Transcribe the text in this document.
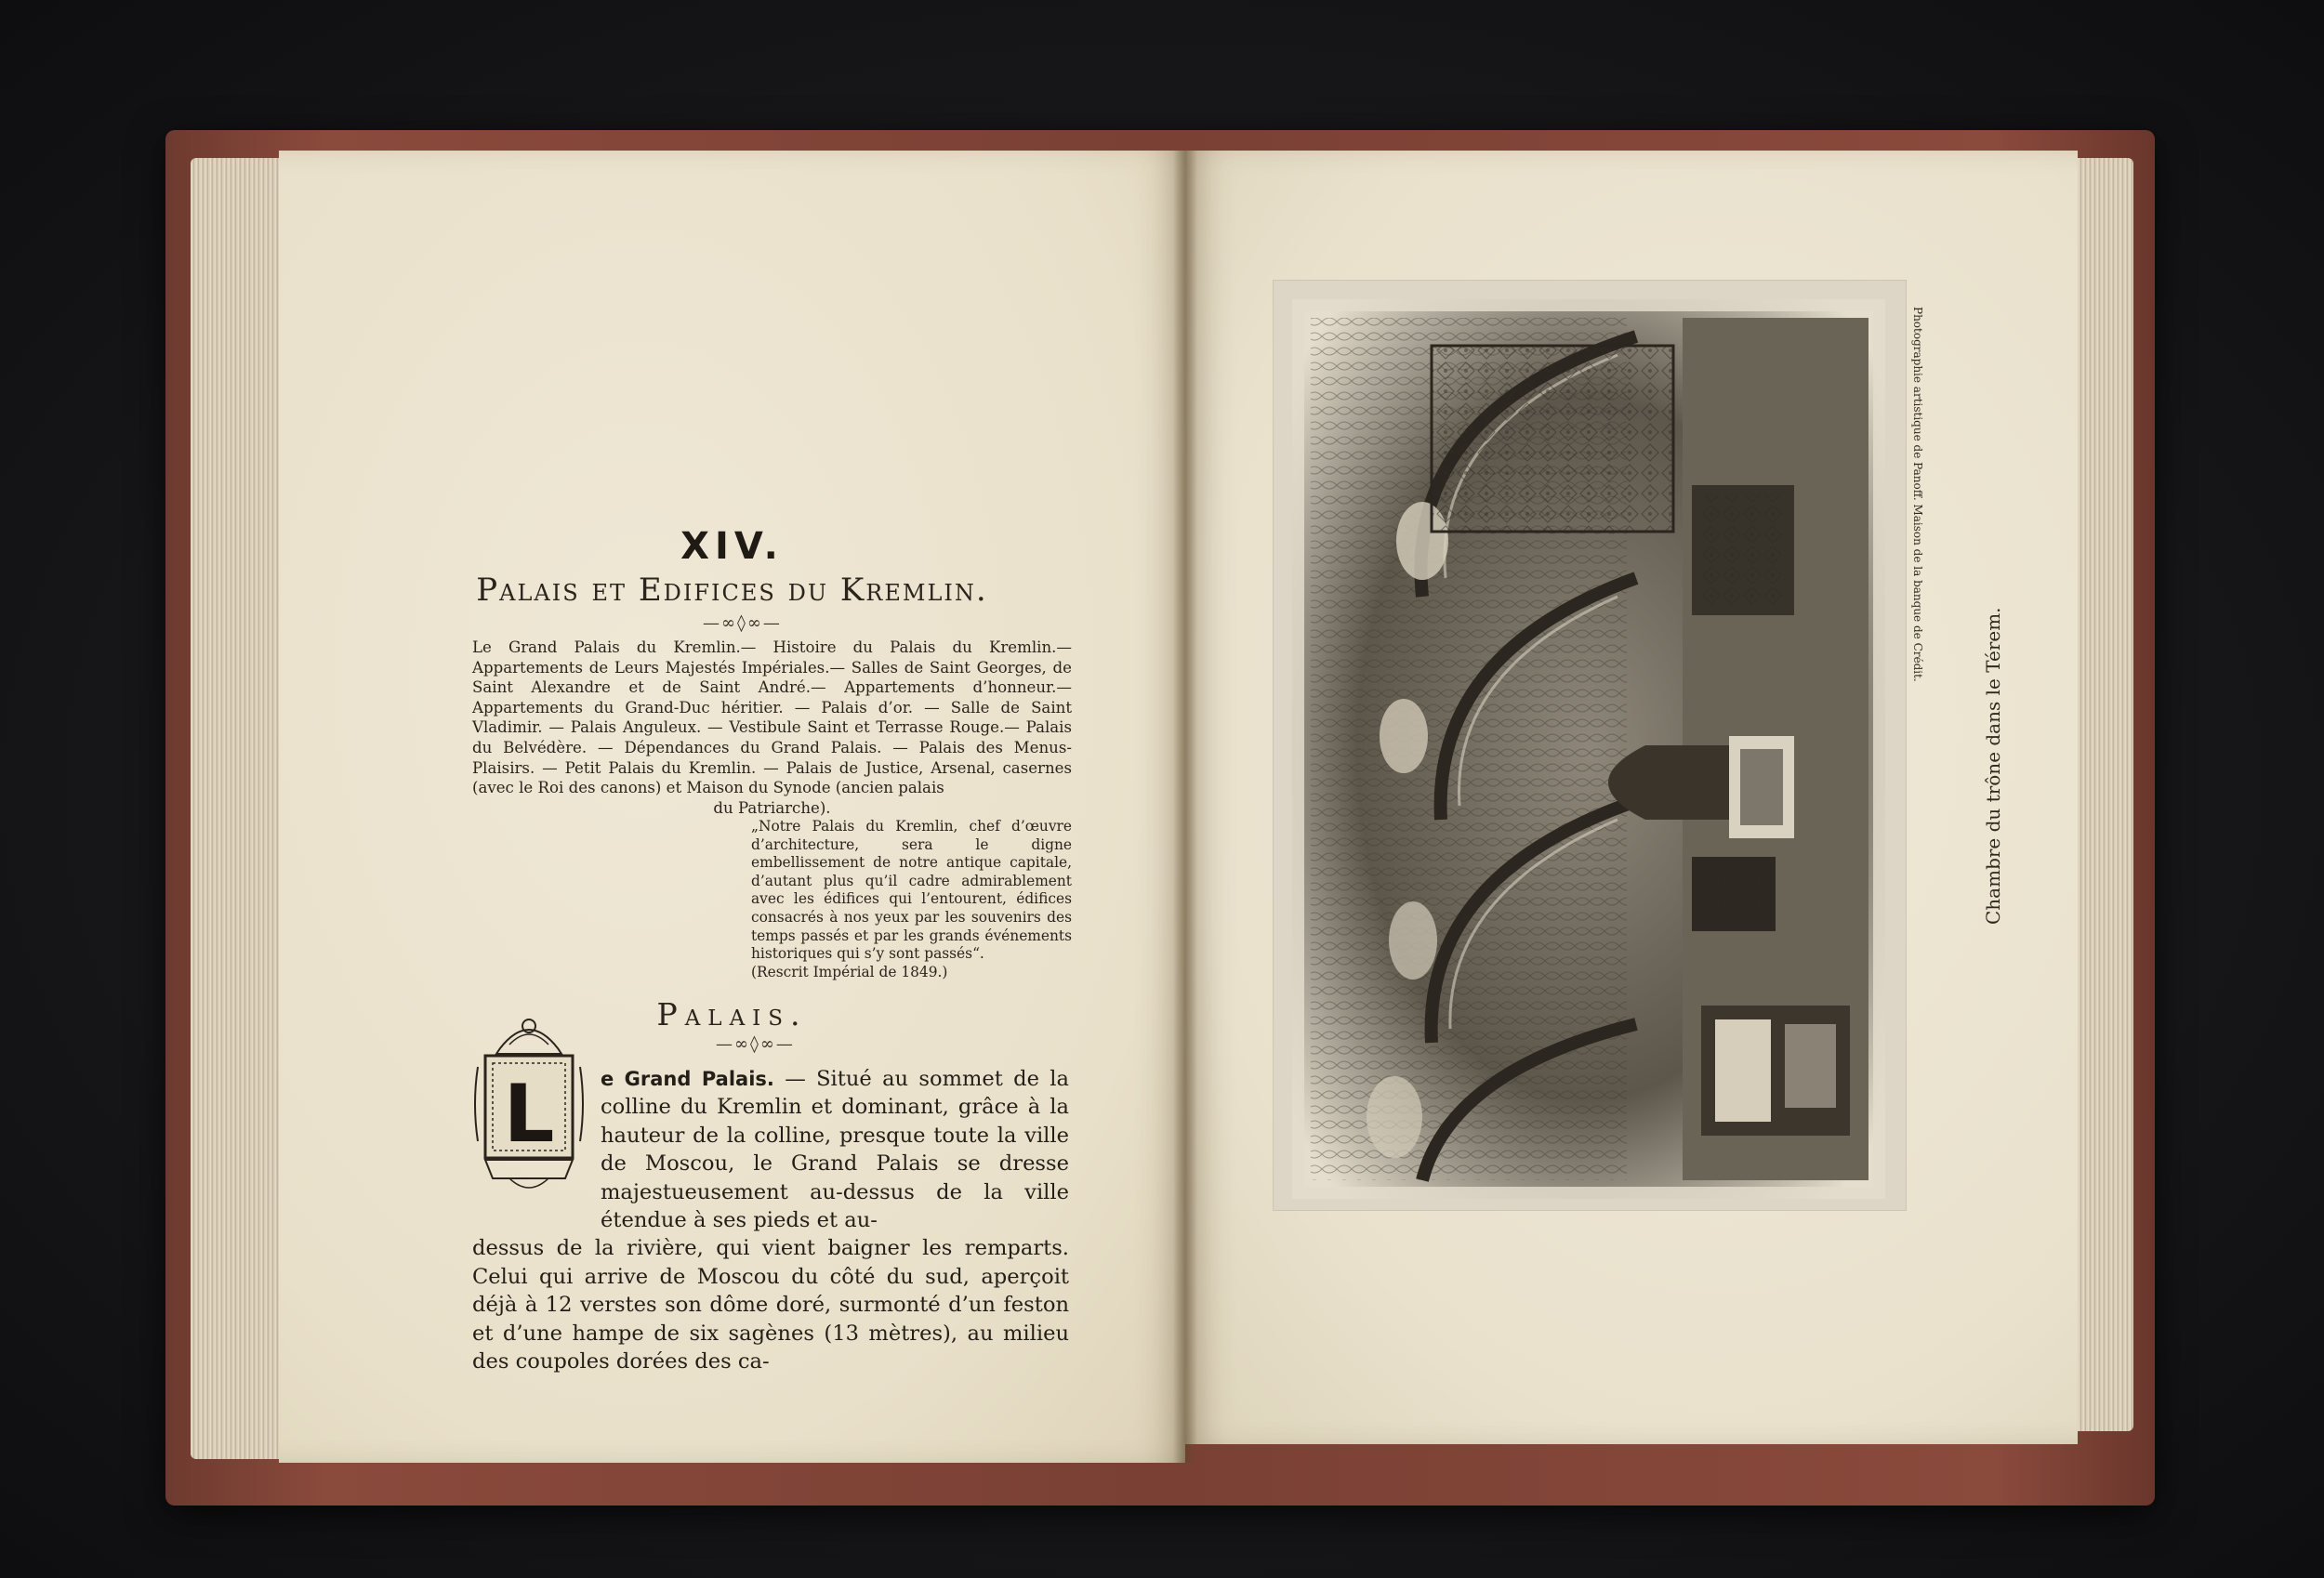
XIV.
Palais et Edifices du Kremlin.
—∞◊∞—
Le Grand Palais du Kremlin.— Histoire du Palais du Kremlin.— Appartements de Leurs Majestés Impériales.— Salles de Saint Georges, de Saint Alexandre et de Saint André.— Appartements d’honneur.— Appartements du Grand-Duc héritier. — Palais d’or. — Salle de Saint Vladimir. — Palais Anguleux. — Vestibule Saint et Terrasse Rouge.— Palais du Belvédère. — Dépendances du Grand Palais. — Palais des Menus-Plaisirs. — Petit Palais du Kremlin. — Palais de Justice, Arsenal, casernes (avec le Roi des canons) et Maison du Synode (ancien palais
du Patriarche).
„Notre Palais du Kremlin, chef d’œuvre d’architecture, sera le digne embellissement de notre antique capitale, d’autant plus qu’il cadre admirablement avec les édifices qui l’entourent, édifices consacrés à nos yeux par les souvenirs des temps passés et par les grands événements historiques qui s’y sont passés“.
(Rescrit Impérial de 1849.)
Palais.
—∞◊∞—
L	e Grand Palais. — Situé au sommet de la colline du Kremlin et dominant, grâce à la hauteur de la colline, presque toute la ville de Moscou, le Grand Palais se dresse majestueusement au-dessus de la ville étendue à ses pieds et au-
dessus de la rivière, qui vient baigner les remparts. Celui qui arrive de Moscou du côté du sud, aperçoit déjà à 12 verstes son dôme doré, surmonté d’un feston et d’une hampe de six sagènes (13 mètres), au milieu des coupoles dorées des ca-
Photographie artistique de Panoff. Maison de la banque de Crédit.
Chambre du trône dans le Térem.
